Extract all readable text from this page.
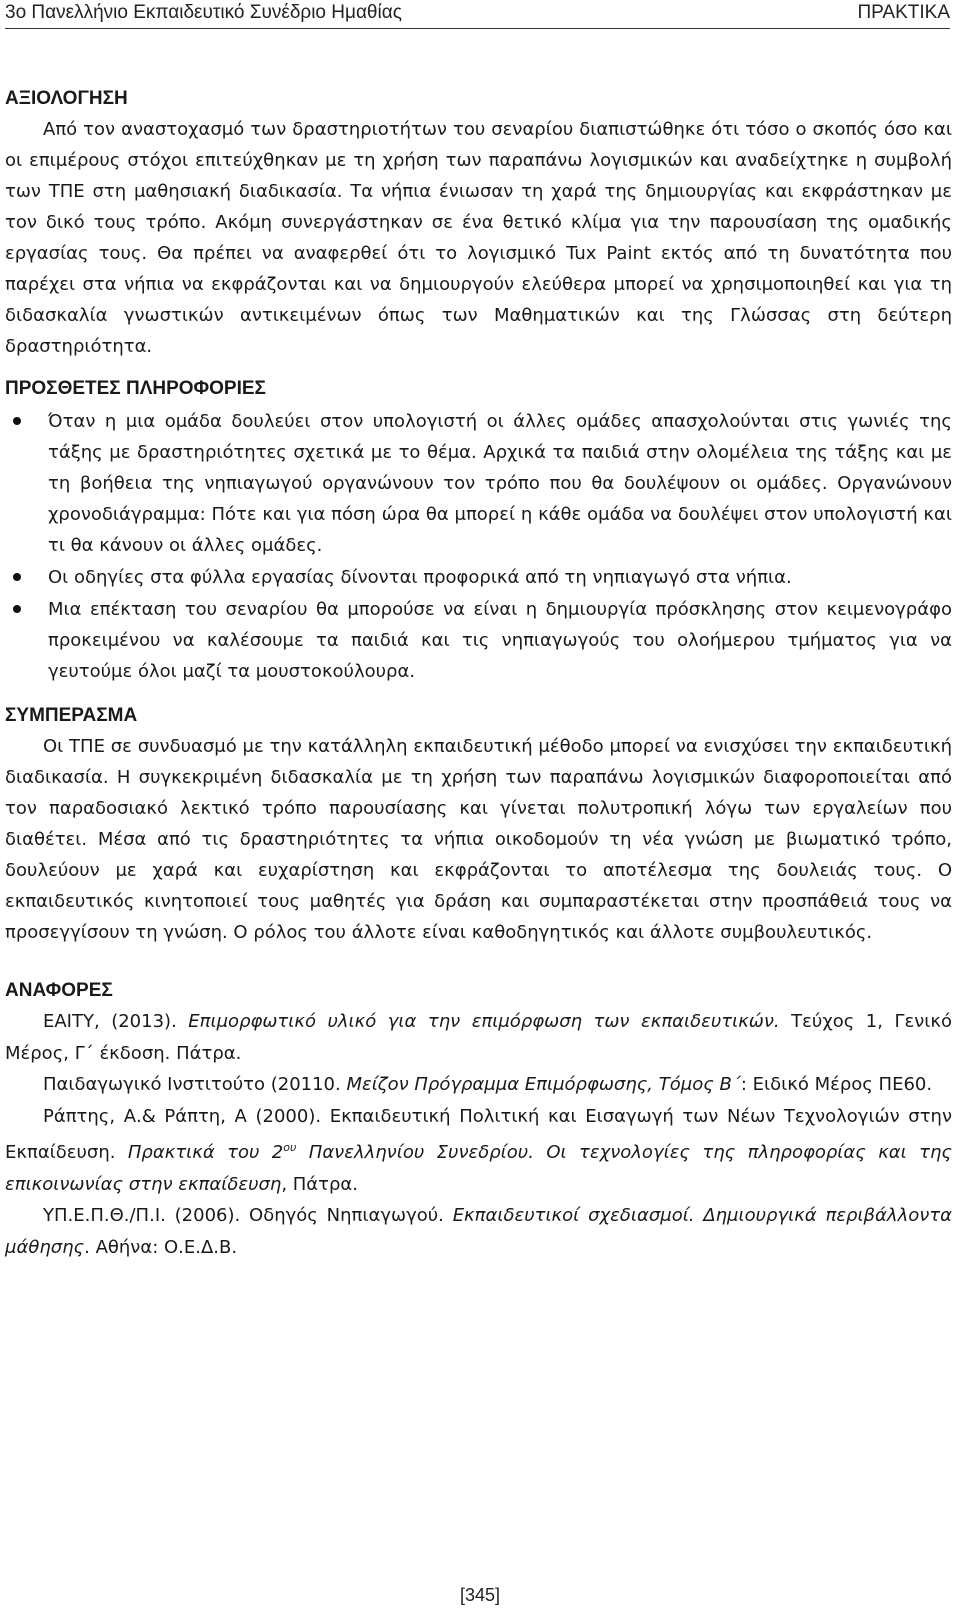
3ο Πανελλήνιο Εκπαιδευτικό Συνέδριο Ημαθίας	ΠΡΑΚΤΙΚΑ
ΑΞΙΟΛΟΓΗΣΗ

Από τον αναστοχασμό των δραστηριοτήτων του σεναρίου διαπιστώθηκε ότι τόσο ο σκοπός όσο και οι επιμέρους στόχοι επιτεύχθηκαν με τη χρήση των παραπάνω λογισμικών και αναδείχτηκε η συμβολή των ΤΠΕ στη μαθησιακή διαδικασία. Τα νήπια ένιωσαν τη χαρά της δημιουργίας και εκφράστηκαν με τον δικό τους τρόπο. Ακόμη συνεργάστηκαν σε ένα θετικό κλίμα για την παρουσίαση της ομαδικής εργασίας τους. Θα πρέπει να αναφερθεί ότι το λογισμικό Tux Paint εκτός από τη δυνατότητα που παρέχει στα νήπια να εκφράζονται και να δημιουργούν ελεύθερα μπορεί να χρησιμοποιηθεί και για τη διδασκαλία γνωστικών αντικειμένων όπως των Μαθηματικών και της Γλώσσας στη δεύτερη δραστηριότητα.

ΠΡΟΣΘΕΤΕΣ ΠΛΗΡΟΦΟΡΙΕΣ
Όταν η μια ομάδα δουλεύει στον υπολογιστή οι άλλες ομάδες απασχολούνται στις γωνιές της τάξης με δραστηριότητες σχετικά με το θέμα. Αρχικά τα παιδιά στην ολομέλεια της τάξης και με τη βοήθεια της νηπιαγωγού οργανώνουν τον τρόπο που θα δουλέψουν οι ομάδες. Οργανώνουν χρονοδιάγραμμα: Πότε και για πόση ώρα θα μπορεί η κάθε ομάδα να δουλέψει στον υπολογιστή και τι θα κάνουν οι άλλες ομάδες.
Οι οδηγίες στα φύλλα εργασίας δίνονται προφορικά από τη νηπιαγωγό στα νήπια.
Μια επέκταση του σεναρίου θα μπορούσε να είναι η δημιουργία πρόσκλησης στον κειμενογράφο προκειμένου να καλέσουμε τα παιδιά και τις νηπιαγωγούς του ολοήμερου τμήματος για να γευτούμε όλοι μαζί τα μουστοκούλουρα.
ΣΥΜΠΕΡΑΣΜΑ

Οι ΤΠΕ σε συνδυασμό με την κατάλληλη εκπαιδευτική μέθοδο μπορεί να ενισχύσει την εκπαιδευτική διαδικασία. Η συγκεκριμένη διδασκαλία με τη χρήση των παραπάνω λογισμικών διαφοροποιείται από τον παραδοσιακό λεκτικό τρόπο παρουσίασης και γίνεται πολυτροπική λόγω των εργαλείων που διαθέτει. Μέσα από τις δραστηριότητες τα νήπια οικοδομούν τη νέα γνώση με βιωματικό τρόπο, δουλεύουν με χαρά και ευχαρίστηση και εκφράζονται το αποτέλεσμα της δουλειάς τους. Ο εκπαιδευτικός κινητοποιεί τους μαθητές για δράση και συμπαραστέκεται στην προσπάθειά τους να προσεγγίσουν τη γνώση. Ο ρόλος του άλλοτε είναι καθοδηγητικός και άλλοτε συμβουλευτικός.

ΑΝΑΦΟΡΕΣ

ΕΑΙΤΥ, (2013). Επιμορφωτικό υλικό για την επιμόρφωση των εκπαιδευτικών. Τεύχος 1, Γενικό Μέρος, Γ΄ έκδοση. Πάτρα.

Παιδαγωγικό Ινστιτούτο (20110. Μείζον Πρόγραμμα Επιμόρφωσης, Τόμος Β΄: Ειδικό Μέρος ΠΕ60.

Ράπτης, Α.& Ράπτη, Α (2000). Εκπαιδευτική Πολιτική και Εισαγωγή των Νέων Τεχνολογιών στην Εκπαίδευση. Πρακτικά του $2^{o\upsilon}$ Πανελληνίου Συνεδρίου. Οι τεχνολογίες της πληροφορίας και της επικοινωνίας στην εκπαίδευση, Πάτρα.

ΥΠ.Ε.Π.Θ./Π.Ι. (2006). Οδηγός Νηπιαγωγού. Εκπαιδευτικοί σχεδιασμοί. Δημιουργικά περιβάλλοντα μάθησης. Αθήνα: Ο.Ε.Δ.Β.

[345]
